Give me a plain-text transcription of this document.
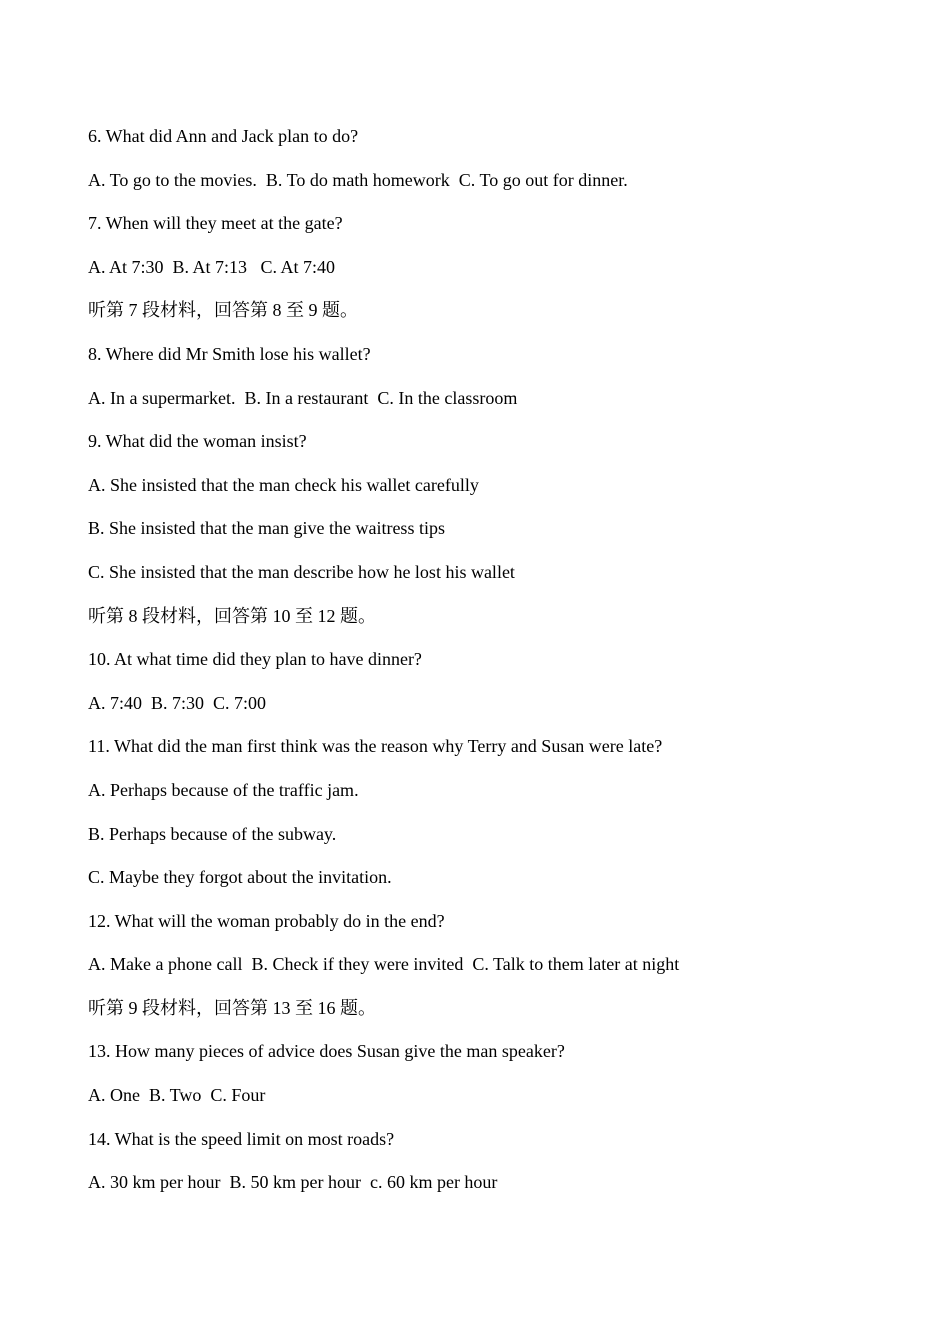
6. What did Ann and Jack plan to do?
A. To go to the movies.  B. To do math homework  C. To go out for dinner.
7. When will they meet at the gate?
A. At 7:30  B. At 7:13   C. At 7:40
听第 7 段材料，回答第 8 至 9 题。
8. Where did Mr Smith lose his wallet?
A. In a supermarket.  B. In a restaurant  C. In the classroom
9. What did the woman insist?
A. She insisted that the man check his wallet carefully
B. She insisted that the man give the waitress tips
C. She insisted that the man describe how he lost his wallet
听第 8 段材料，回答第 10 至 12 题。
10. At what time did they plan to have dinner?
A. 7:40  B. 7:30  C. 7:00
11. What did the man first think was the reason why Terry and Susan were late?
A. Perhaps because of the traffic jam.
B. Perhaps because of the subway.
C. Maybe they forgot about the invitation.
12. What will the woman probably do in the end?
A. Make a phone call  B. Check if they were invited  C. Talk to them later at night
听第 9 段材料，回答第 13 至 16 题。
13. How many pieces of advice does Susan give the man speaker?
A. One  B. Two  C. Four
14. What is the speed limit on most roads?
A. 30 km per hour  B. 50 km per hour  c. 60 km per hour
